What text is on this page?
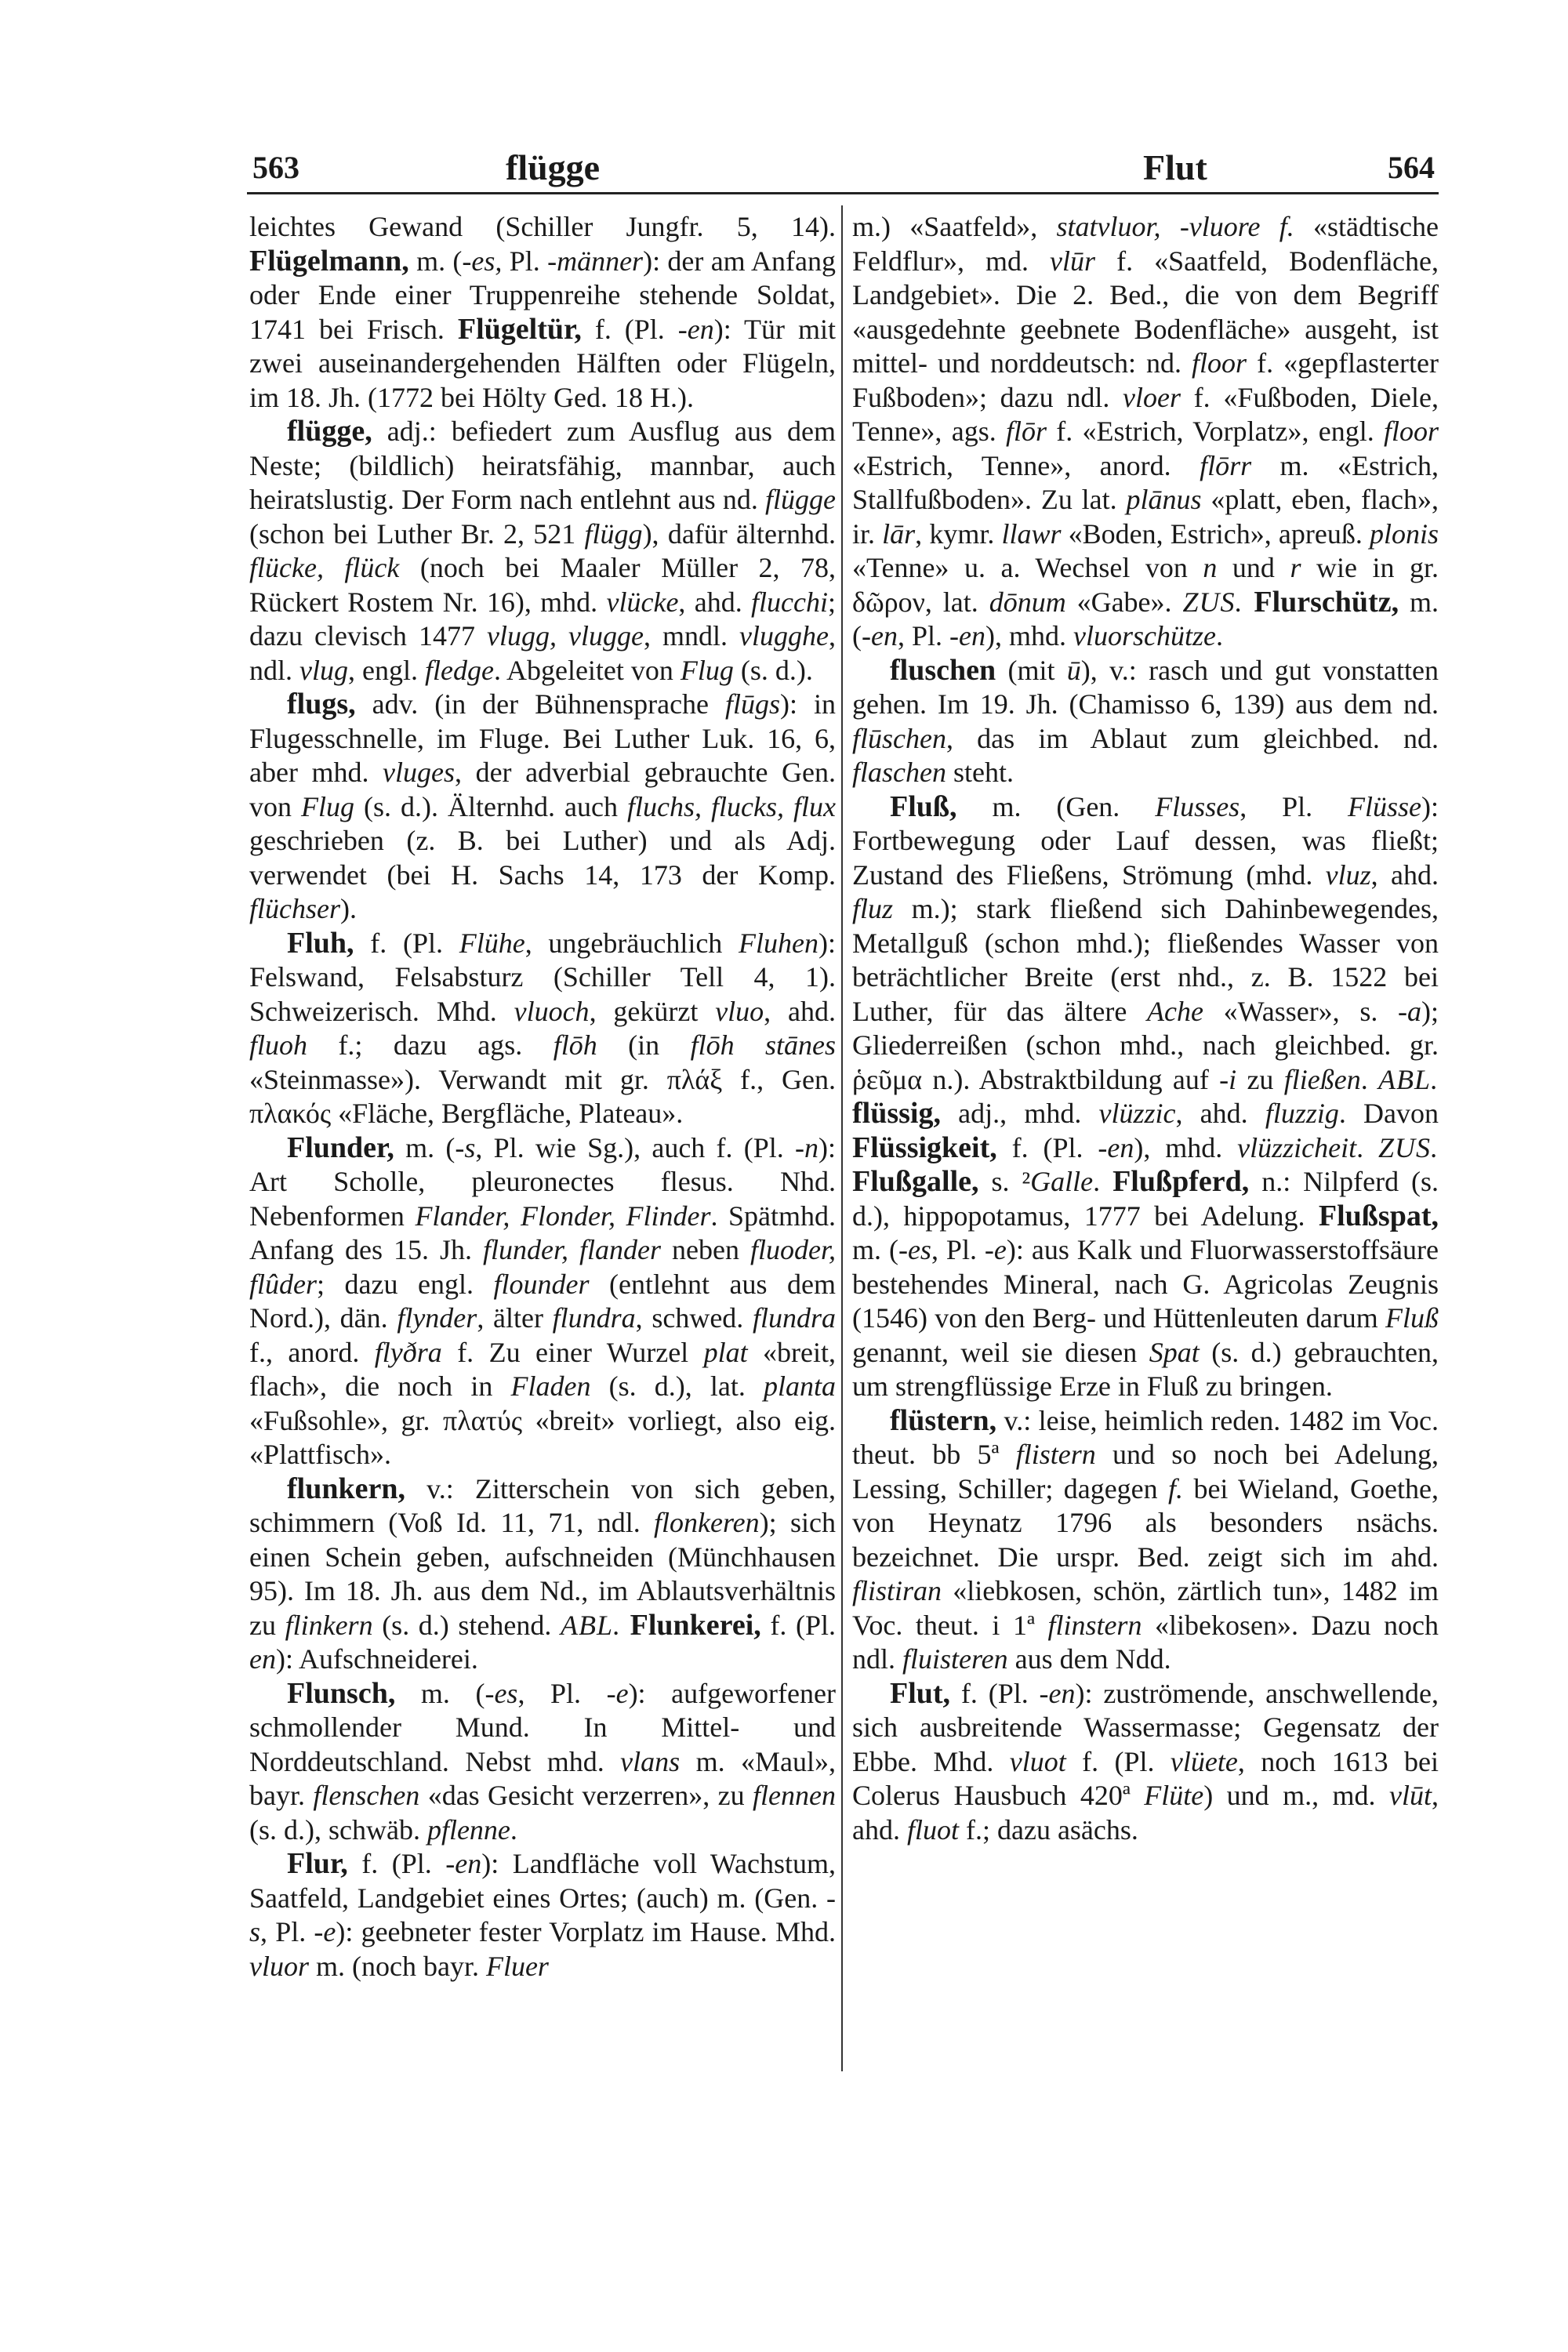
563	flügge	Flut	564

leichtes Gewand (Schiller Jungfr. 5, 14). Flügelmann, m. (-es, Pl. -männer): der am Anfang oder Ende einer Truppenreihe stehende Soldat, 1741 bei Frisch. Flügeltür, f. (Pl. -en): Tür mit zwei auseinandergehenden Hälften oder Flügeln, im 18. Jh. (1772 bei Hölty Ged. 18 H.).

flügge, adj.: befiedert zum Ausflug aus dem Neste; (bildlich) heiratsfähig, mannbar, auch heiratslustig. Der Form nach entlehnt aus nd. flügge (schon bei Luther Br. 2, 521 flügg), dafür älternhd. flücke, flück (noch bei Maaler Müller 2, 78, Rückert Rostem Nr. 16), mhd. vlücke, ahd. flucchi; dazu clevisch 1477 vlugg, vlugge, mndl. vlugghe, ndl. vlug, engl. fledge. Abgeleitet von Flug (s. d.).

flugs, adv. (in der Bühnensprache flūgs): in Flugesschnelle, im Fluge. Bei Luther Luk. 16, 6, aber mhd. vluges, der adverbial gebrauchte Gen. von Flug (s. d.). Älternhd. auch fluchs, flucks, flux geschrieben (z. B. bei Luther) und als Adj. verwendet (bei H. Sachs 14, 173 der Komp. flüchser).

Fluh, f. (Pl. Flühe, ungebräuchlich Fluhen): Felswand, Felsabsturz (Schiller Tell 4, 1). Schweizerisch. Mhd. vluoch, gekürzt vluo, ahd. fluoh f.; dazu ags. flōh (in flōh stānes «Steinmasse»). Verwandt mit gr. πλάξ f., Gen. πλακός «Fläche, Bergfläche, Plateau».

Flunder, m. (-s, Pl. wie Sg.), auch f. (Pl. -n): Art Scholle, pleuronectes flesus. Nhd. Nebenformen Flander, Flonder, Flinder. Spätmhd. Anfang des 15. Jh. flunder, flander neben fluoder, flûder; dazu engl. flounder (entlehnt aus dem Nord.), dän. flynder, älter flundra, schwed. flundra f., anord. flyðra f. Zu einer Wurzel plat «breit, flach», die noch in Fladen (s. d.), lat. planta «Fußsohle», gr. πλατύς «breit» vorliegt, also eig. «Plattfisch».

flunkern, v.: Zitterschein von sich geben, schimmern (Voß Id. 11, 71, ndl. flonkeren); sich einen Schein geben, aufschneiden (Münchhausen 95). Im 18. Jh. aus dem Nd., im Ablautsverhältnis zu flinkern (s. d.) stehend. ABL. Flunkerei, f. (Pl. en): Aufschneiderei.

Flunsch, m. (-es, Pl. -e): aufgeworfener schmollender Mund. In Mittel- und Norddeutschland. Nebst mhd. vlans m. «Maul», bayr. flenschen «das Gesicht verzerren», zu flennen (s. d.), schwäb. pflenne.

Flur, f. (Pl. -en): Landfläche voll Wachstum, Saatfeld, Landgebiet eines Ortes; (auch) m. (Gen. -s, Pl. -e): geebneter fester Vorplatz im Hause. Mhd. vluor m. (noch bayr. Fluer

m.) «Saatfeld», statvluor, -vluore f. «städtische Feldflur», md. vlūr f. «Saatfeld, Bodenfläche, Landgebiet». Die 2. Bed., die von dem Begriff «ausgedehnte geebnete Bodenfläche» ausgeht, ist mittel- und norddeutsch: nd. floor f. «gepflasterter Fußboden»; dazu ndl. vloer f. «Fußboden, Diele, Tenne», ags. flōr f. «Estrich, Vorplatz», engl. floor «Estrich, Tenne», anord. flōrr m. «Estrich, Stallfußboden». Zu lat. plānus «platt, eben, flach», ir. lār, kymr. llawr «Boden, Estrich», apreuß. plonis «Tenne» u. a. Wechsel von n und r wie in gr. δῶρον, lat. dōnum «Gabe». ZUS. Flurschütz, m. (-en, Pl. -en), mhd. vluorschütze.

fluschen (mit ū), v.: rasch und gut vonstatten gehen. Im 19. Jh. (Chamisso 6, 139) aus dem nd. flūschen, das im Ablaut zum gleichbed. nd. flaschen steht.

Fluß, m. (Gen. Flusses, Pl. Flüsse): Fortbewegung oder Lauf dessen, was fließt; Zustand des Fließens, Strömung (mhd. vluz, ahd. fluz m.); stark fließend sich Dahinbewegendes, Metallguß (schon mhd.); fließendes Wasser von beträchtlicher Breite (erst nhd., z. B. 1522 bei Luther, für das ältere Ache «Wasser», s. -a); Gliederreißen (schon mhd., nach gleichbed. gr. ῥεῦμα n.). Abstraktbildung auf -i zu fließen. ABL. flüssig, adj., mhd. vlüzzic, ahd. fluzzig. Davon Flüssigkeit, f. (Pl. -en), mhd. vlüzzicheit. ZUS. Flußgalle, s. ²Galle. Flußpferd, n.: Nilpferd (s. d.), hippopotamus, 1777 bei Adelung. Flußspat, m. (-es, Pl. -e): aus Kalk und Fluorwasserstoffsäure bestehendes Mineral, nach G. Agricolas Zeugnis (1546) von den Berg- und Hüttenleuten darum Fluß genannt, weil sie diesen Spat (s. d.) gebrauchten, um strengflüssige Erze in Fluß zu bringen.

flüstern, v.: leise, heimlich reden. 1482 im Voc. theut. bb 5ª flistern und so noch bei Adelung, Lessing, Schiller; dagegen f. bei Wieland, Goethe, von Heynatz 1796 als besonders nsächs. bezeichnet. Die urspr. Bed. zeigt sich im ahd. flistiran «liebkosen, schön, zärtlich tun», 1482 im Voc. theut. i 1ª flinstern «libekosen». Dazu noch ndl. fluisteren aus dem Ndd.

Flut, f. (Pl. -en): zuströmende, anschwellende, sich ausbreitende Wassermasse; Gegensatz der Ebbe. Mhd. vluot f. (Pl. vlüete, noch 1613 bei Colerus Hausbuch 420ª Flüte) und m., md. vlūt, ahd. fluot f.; dazu asächs.
